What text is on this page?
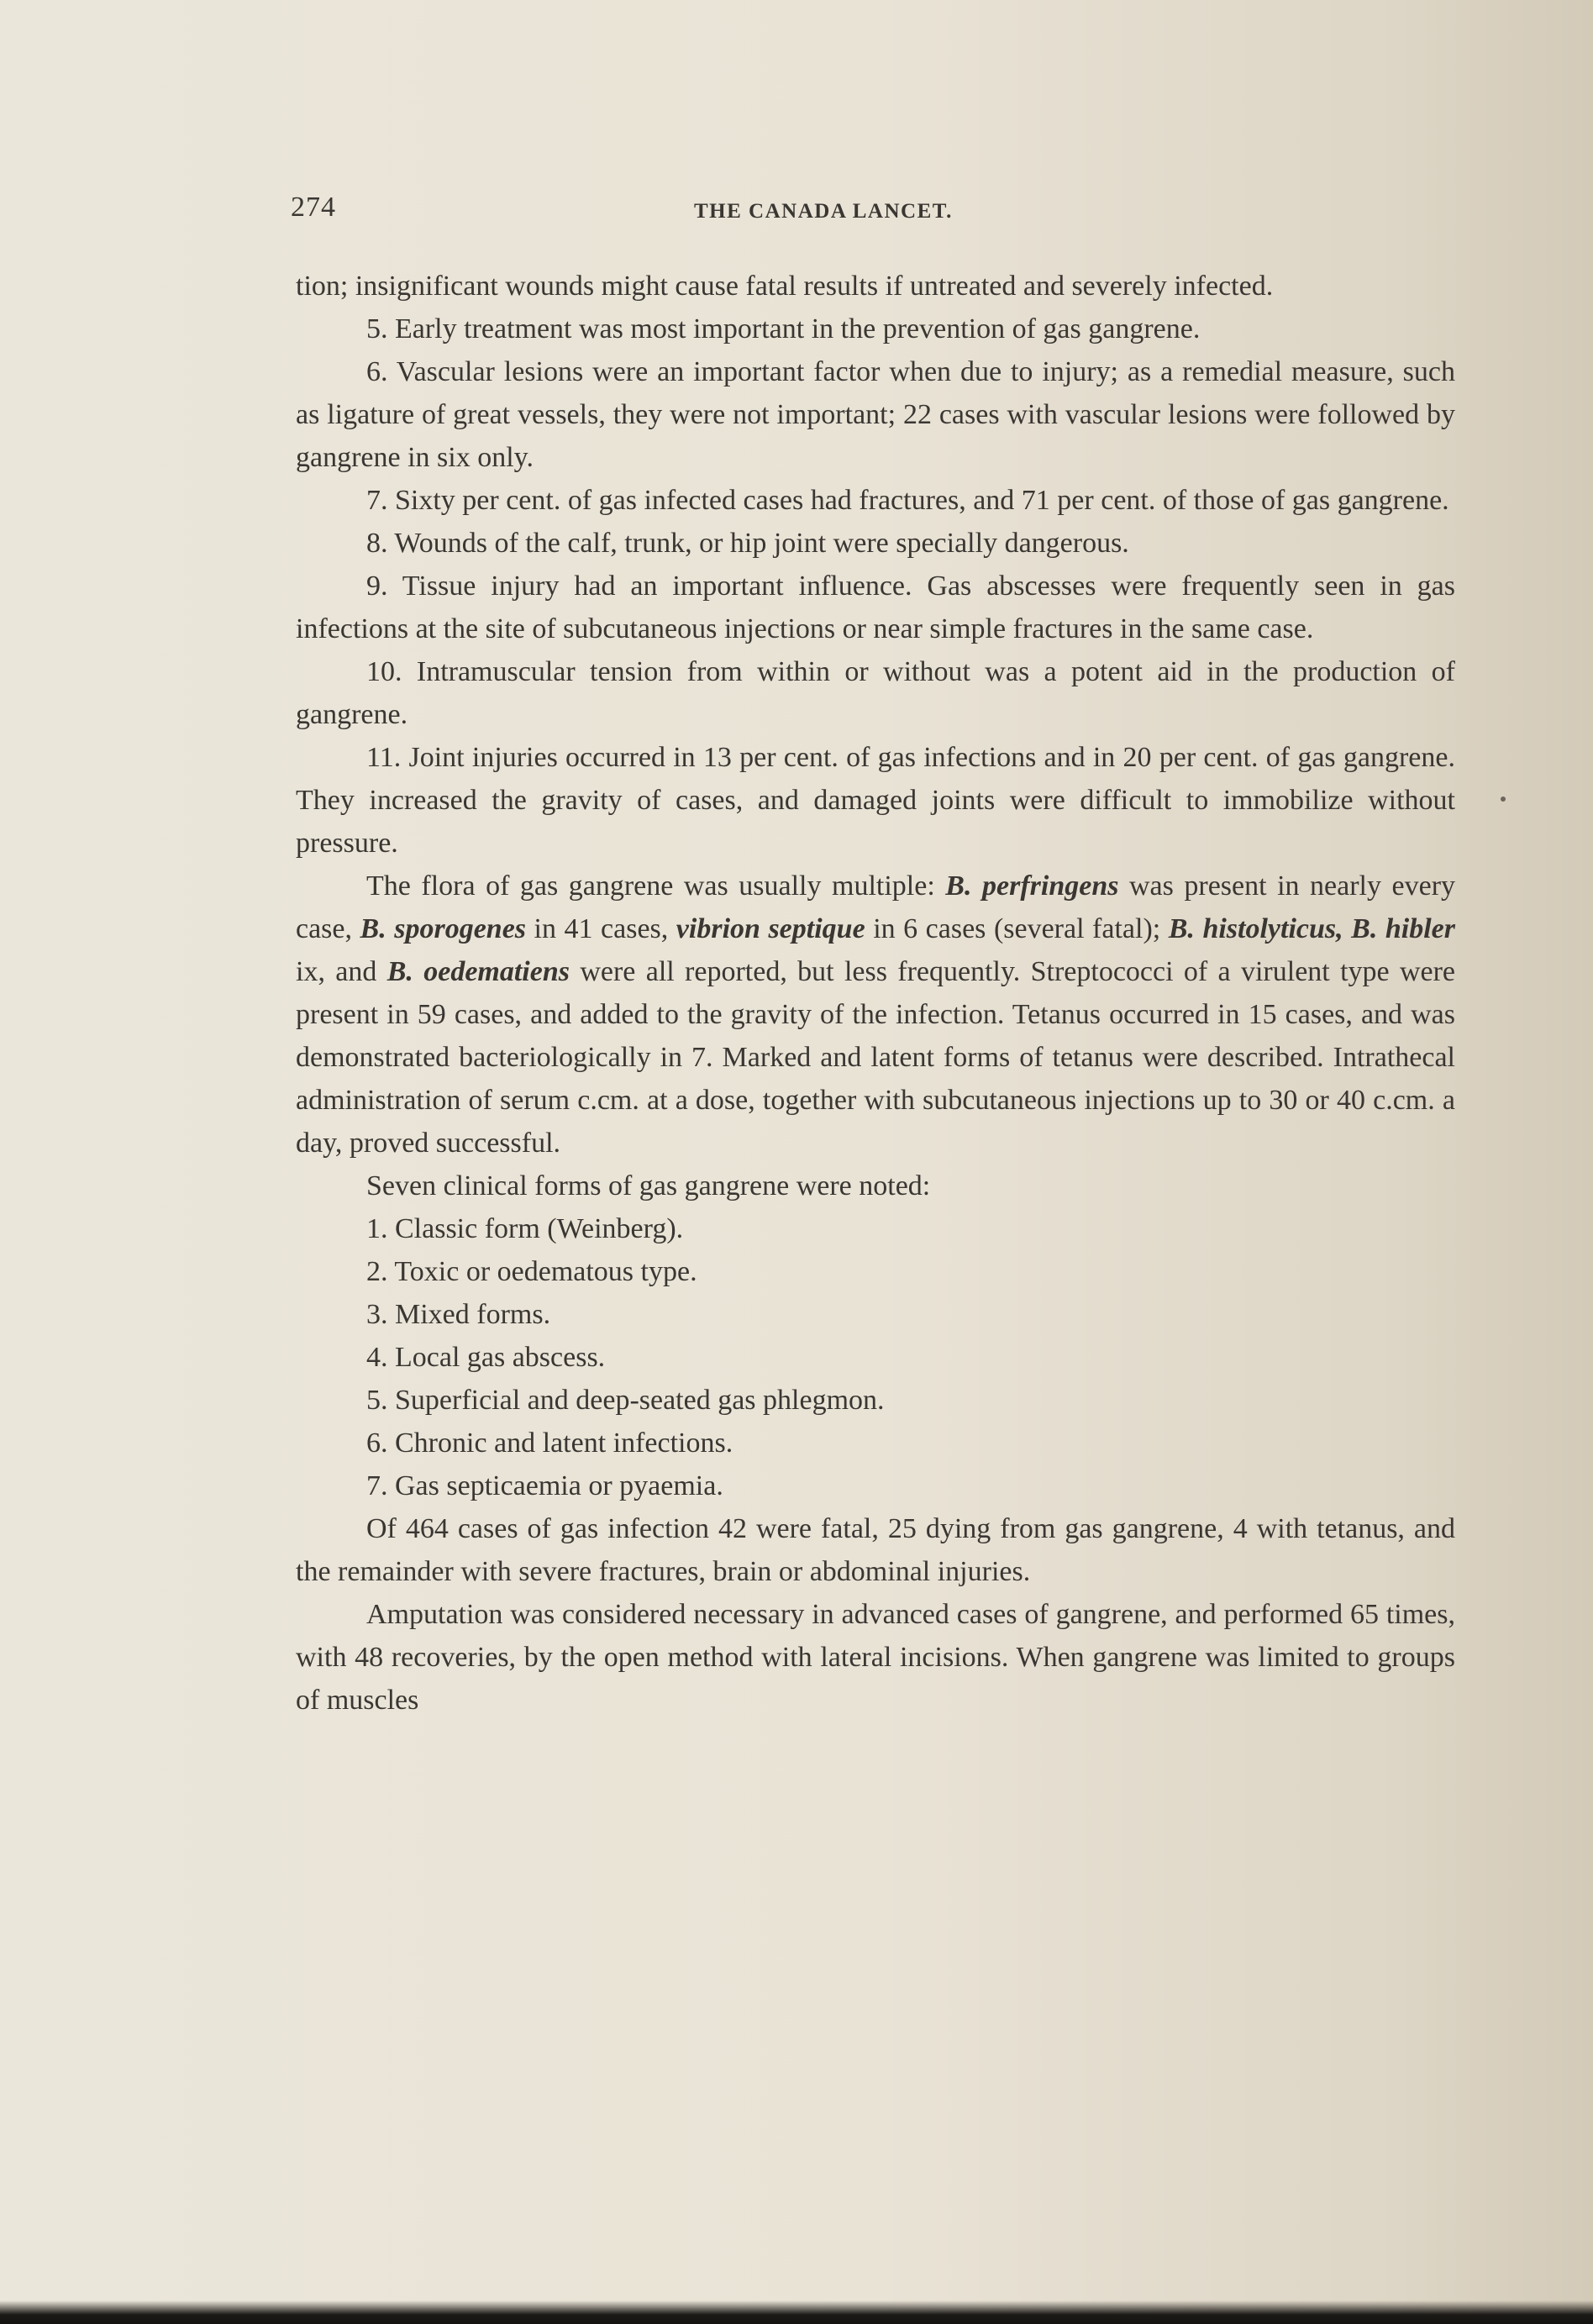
274	THE CANADA LANCET.

tion; insignificant wounds might cause fatal results if untreated and severely infected.

5. Early treatment was most important in the prevention of gas gangrene.

6. Vascular lesions were an important factor when due to injury; as a remedial measure, such as ligature of great vessels, they were not important; 22 cases with vascular lesions were followed by gangrene in six only.

7. Sixty per cent. of gas infected cases had fractures, and 71 per cent. of those of gas gangrene.

8. Wounds of the calf, trunk, or hip joint were specially dangerous.

9. Tissue injury had an important influence. Gas abscesses were frequently seen in gas infections at the site of subcutaneous injections or near simple fractures in the same case.

10. Intramuscular tension from within or without was a potent aid in the production of gangrene.

11. Joint injuries occurred in 13 per cent. of gas infections and in 20 per cent. of gas gangrene. They increased the gravity of cases, and damaged joints were difficult to immobilize without pressure.

The flora of gas gangrene was usually multiple: B. perfringens was present in nearly every case, B. sporogenes in 41 cases, vibrion septique in 6 cases (several fatal); B. histolyticus, B. hibler ix, and B. oedematiens were all reported, but less frequently. Streptococci of a virulent type were present in 59 cases, and added to the gravity of the infection. Tetanus occurred in 15 cases, and was demonstrated bacteriologically in 7. Marked and latent forms of tetanus were described. Intrathecal administration of serum c.cm. at a dose, together with subcutaneous injections up to 30 or 40 c.cm. a day, proved successful.

Seven clinical forms of gas gangrene were noted:

1. Classic form (Weinberg).

2. Toxic or oedematous type.

3. Mixed forms.

4. Local gas abscess.

5. Superficial and deep-seated gas phlegmon.

6. Chronic and latent infections.

7. Gas septicaemia or pyaemia.

Of 464 cases of gas infection 42 were fatal, 25 dying from gas gangrene, 4 with tetanus, and the remainder with severe fractures, brain or abdominal injuries.

Amputation was considered necessary in advanced cases of gangrene, and performed 65 times, with 48 recoveries, by the open method with lateral incisions. When gangrene was limited to groups of muscles
